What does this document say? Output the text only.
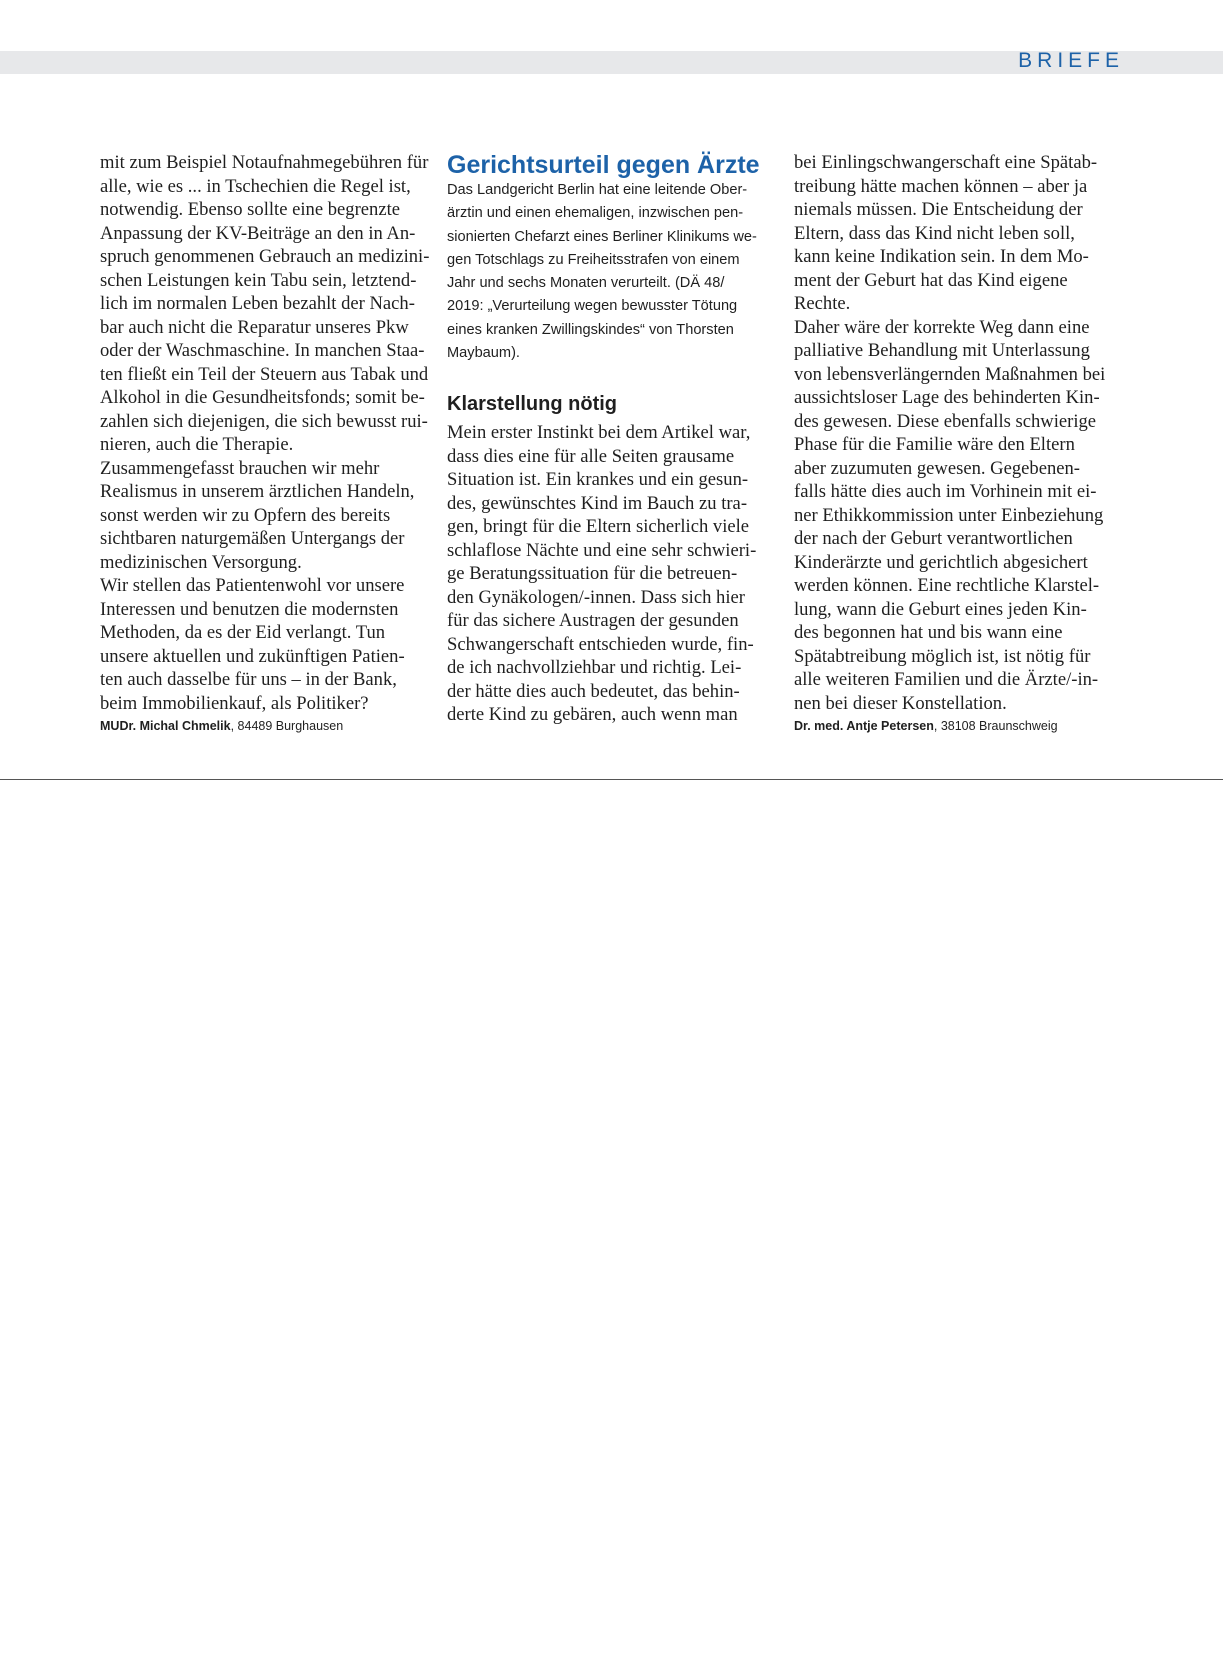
BRIEFE

mit zum Beispiel Notaufnahmegebühren für
alle, wie es ... in Tschechien die Regel ist,
notwendig. Ebenso sollte eine begrenzte
Anpassung der KV-Beiträge an den in An-
spruch genommenen Gebrauch an medizini-
schen Leistungen kein Tabu sein, letztend-
lich im normalen Leben bezahlt der Nach-
bar auch nicht die Reparatur unseres Pkw
oder der Waschmaschine. In manchen Staa-
ten fließt ein Teil der Steuern aus Tabak und
Alkohol in die Gesundheitsfonds; somit be-
zahlen sich diejenigen, die sich bewusst rui-
nieren, auch die Therapie.
Zusammengefasst brauchen wir mehr
Realismus in unserem ärztlichen Handeln,
sonst werden wir zu Opfern des bereits
sichtbaren naturgemäßen Untergangs der
medizinischen Versorgung.
Wir stellen das Patientenwohl vor unsere
Interessen und benutzen die modernsten
Methoden, da es der Eid verlangt. Tun
unsere aktuellen und zukünftigen Patien-
ten auch dasselbe für uns – in der Bank,
beim Immobilienkauf, als Politiker?

MUDr. Michal Chmelik, 84489 Burghausen
Gerichtsurteil gegen Ärzte

Das Landgericht Berlin hat eine leitende Ober-
ärztin und einen ehemaligen, inzwischen pen-
sionierten Chefarzt eines Berliner Klinikums we-
gen Totschlags zu Freiheitsstrafen von einem
Jahr und sechs Monaten verurteilt. (DÄ 48/
2019: „Verurteilung wegen bewusster Tötung
eines kranken Zwillingskindes“ von Thorsten
Maybaum).

Klarstellung nötig

Mein erster Instinkt bei dem Artikel war,
dass dies eine für alle Seiten grausame
Situation ist. Ein krankes und ein gesun-
des, gewünschtes Kind im Bauch zu tra-
gen, bringt für die Eltern sicherlich viele
schlaflose Nächte und eine sehr schwieri-
ge Beratungssituation für die betreuen-
den Gynäkologen/-innen. Dass sich hier
für das sichere Austragen der gesunden
Schwangerschaft entschieden wurde, fin-
de ich nachvollziehbar und richtig. Lei-
der hätte dies auch bedeutet, das behin-
derte Kind zu gebären, auch wenn man

bei Einlingschwangerschaft eine Spätab-
treibung hätte machen können – aber ja
niemals müssen. Die Entscheidung der
Eltern, dass das Kind nicht leben soll,
kann keine Indikation sein. In dem Mo-
ment der Geburt hat das Kind eigene
Rechte.
Daher wäre der korrekte Weg dann eine
palliative Behandlung mit Unterlassung
von lebensverlängernden Maßnahmen bei
aussichtsloser Lage des behinderten Kin-
des gewesen. Diese ebenfalls schwierige
Phase für die Familie wäre den Eltern
aber zuzumuten gewesen. Gegebenen-
falls hätte dies auch im Vorhinein mit ei-
ner Ethikkommission unter Einbeziehung
der nach der Geburt verantwortlichen
Kinderärzte und gerichtlich abgesichert
werden können. Eine rechtliche Klarstel-
lung, wann die Geburt eines jeden Kin-
des begonnen hat und bis wann eine
Spätabtreibung möglich ist, ist nötig für
alle weiteren Familien und die Ärzte/-in-
nen bei dieser Konstellation.

Dr. med. Antje Petersen, 38108 Braunschweig
